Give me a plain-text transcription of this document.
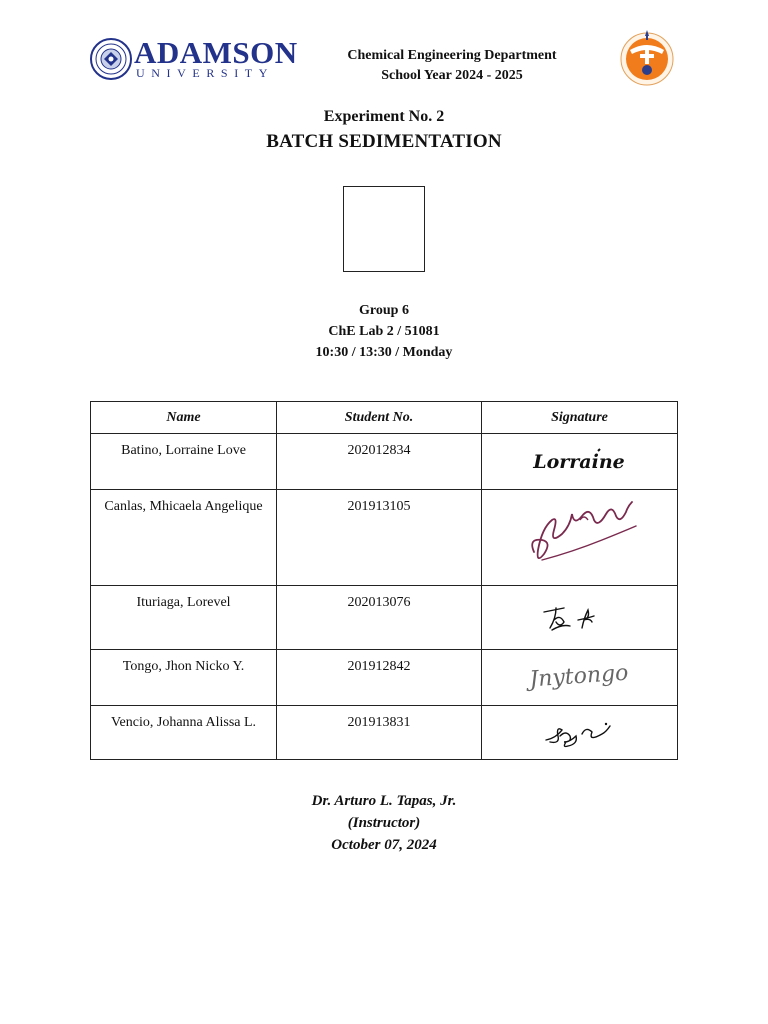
ADAMSON
UNIVERSITY
Chemical Engineering Department
School Year 2024 - 2025
Experiment No. 2
BATCH SEDIMENTATION
Group 6
ChE Lab 2 / 51081
10:30 / 13:30 / Monday
Name	Student No.	Signature
Batino, Lorraine Love	202012834	Lorraine

Canlas, Mhicaela Angelique	201913105	
Ituriaga, Lorevel	202013076	
Tongo, Jhon Nicko Y.	201912842	Jnytongo

Vencio, Johanna Alissa L.	201913831	
Dr. Arturo L. Tapas, Jr.
(Instructor)
October 07, 2024
